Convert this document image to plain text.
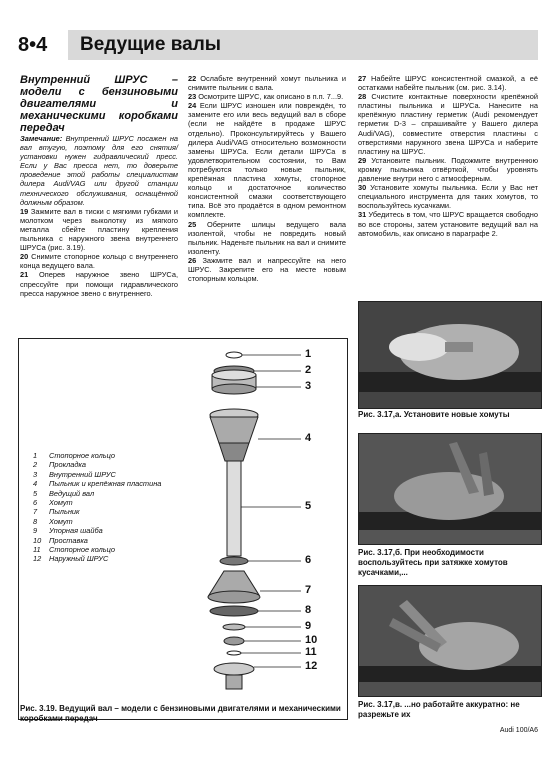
8•4 Ведущие валы

Внутренний ШРУС – модели с бензиновыми двигателями и механическими коробками передач

Замечание: Внутренний ШРУС посажен на вал втугую, поэтому для его снятия/установки нужен гидравлический пресс. Если у Вас пресса нет, то доверьте проведение этой работы специалистам дилера Audi/VAG или другой станции технического обслуживания, оснащённой должным образом.

19 Зажмите вал в тиски с мягкими губками и молотком через выколотку из мягкого металла сбейте пластину крепления пыльника с наружного звена внутреннего ШРУСа (рис. 3.19).

20 Снимите стопорное кольцо с внутреннего конца ведущего вала.

21 Оперев наружное звено ШРУСа, спрессуйте при помощи гидравлического пресса наружное звено с внутреннего.

22 Ослабьте внутренний хомут пыльника и снимите пыльник с вала.

23 Осмотрите ШРУС, как описано в п.п. 7...9.

24 Если ШРУС изношен или повреждён, то замените его или весь ведущий вал в сборе (если не найдёте в продаже ШРУС отдельно). Проконсультируйтесь у Вашего дилера Audi/VAG относительно возможности замены ШРУСа. Если детали ШРУСа в удовлетворительном состоянии, то Вам потребуются только новые пыльник, крепёжная пластина хомуты, стопорное кольцо и достаточное количество консистентной смазки соответствующего типа. Всё это продаётся в одном ремонтном комплекте.

25 Оберните шлицы ведущего вала изолентой, чтобы не повредить новый пыльник. Наденьте пыльник на вал и снимите изоленту.

26 Зажмите вал и напрессуйте на него ШРУС. Закрепите его на месте новым стопорным кольцом.

27 Набейте ШРУС консистентной смазкой, а её остатками набейте пыльник (см. рис. 3.14).

28 Счистите контактные поверхности крепёжной пластины пыльника и ШРУСа. Нанесите на крепёжную пластину герметик (Audi рекомендует герметик D-3 – спрашивайте у Вашего дилера Audi/VAG), совместите отверстия пластины с отверстиями наружного звена ШРУСа и наберите пластину на ШРУС.

29 Установите пыльник. Подожмите внутреннюю кромку пыльника отвёрткой, чтобы уровнять давление внутри него с атмосферным.

30 Установите хомуты пыльника. Если у Вас нет специального инструмента для таких хомутов, то воспользуйтесь кусачками.

31 Убедитесь в том, что ШРУС вращается свободно во все стороны, затем установите ведущий вал на автомобиль, как описано в параграфе 2.

1	Стопорное кольцо
2	Прокладка
3	Внутренний ШРУС
4	Пыльник и крепёжная пластина
5	Ведущий вал
6	Хомут
7	Пыльник
8	Хомут
9	Упорная шайба
10	Проставка
11	Стопорное кольцо
12	Наружный ШРУС
1
2
3
4
5
6
7
8
9
10
11
12
Рис. 3.19. Ведущий вал – модели с бензиновыми двигателями и механическими коробками передач
Рис. 3.17,а. Установите новые хомуты
Рис. 3.17,б. При необходимости воспользуйтесь при затяжке хомутов кусачками,...
Рис. 3.17,в. ...но работайте аккуратно: не разрежьте их
Audi 100/A6
